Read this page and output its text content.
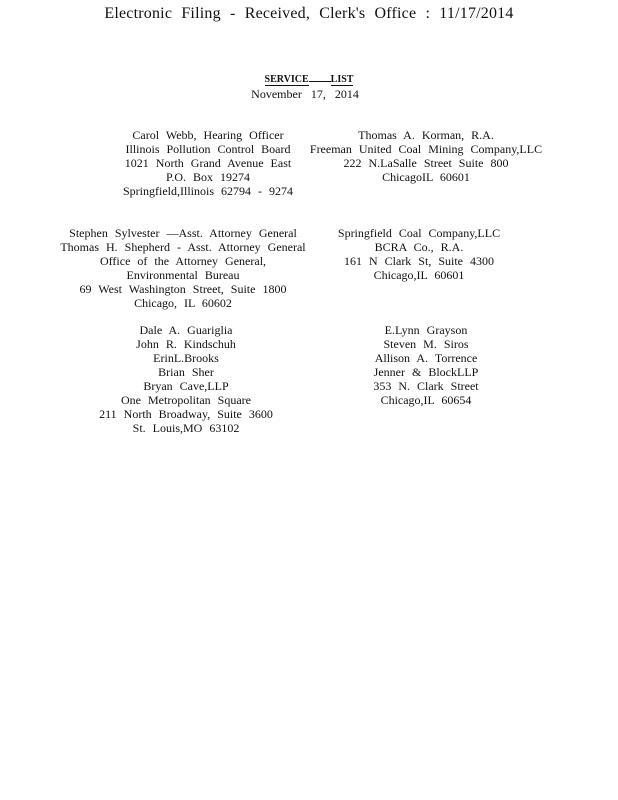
Electronic Filing - Received, Clerk's Office : 11/17/2014
SERVICE LIST
November 17, 2014
Carol Webb, Hearing Officer
Illinois Pollution Control Board
1021 North Grand Avenue East
P.O. Box 19274
Springfield,Illinois 62794 - 9274
Thomas A. Korman, R.A.
Freeman United Coal Mining Company,LLC
222 N.LaSalle Street Suite 800
ChicagoIL 60601
Stephen Sylvester —Asst. Attorney General
Thomas H. Shepherd - Asst. Attorney General
Office of the Attorney General,
Environmental Bureau
69 West Washington Street, Suite 1800
Chicago, IL 60602
Springfield Coal Company,LLC
BCRA Co., R.A.
161 N Clark St, Suite 4300
Chicago,IL 60601
Dale A. Guariglia
John R. Kindschuh
ErinL.Brooks
Brian Sher
Bryan Cave,LLP
One Metropolitan Square
211 North Broadway, Suite 3600
St. Louis,MO 63102
E.Lynn Grayson
Steven M. Siros
Allison A. Torrence
Jenner & BlockLLP
353 N. Clark Street
Chicago,IL 60654
